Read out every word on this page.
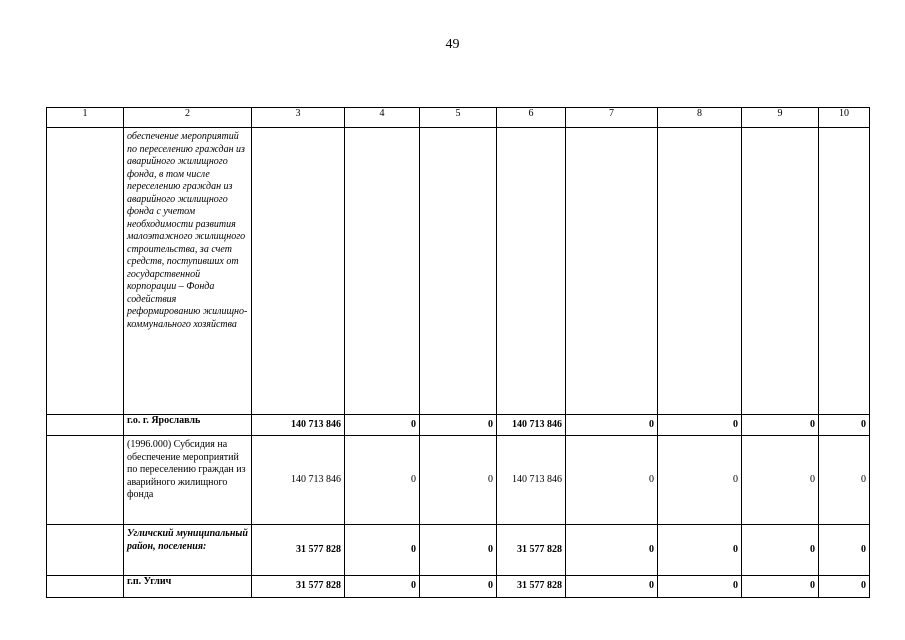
49
1	2	3	4	5	6	7	8	9	10
	обеспечение мероприятий по переселению граждан из аварийного жилищного фонда, в том числе переселению граждан из аварийного жилищного фонда с учетом необходимости развития малоэтажного жилищного строительства, за счет средств, поступивших от государственной корпорации – Фонда содействия реформированию жилищно-коммунального хозяйства								
	г.о. г. Ярославль	140 713 846	0	0	140 713 846	0	0	0	0
	(1996.000) Субсидия на обеспечение мероприятий по переселению граждан из аварийного жилищного фонда	140 713 846	0	0	140 713 846	0	0	0	0
	Угличский муниципальный район, поселения:	31 577 828	0	0	31 577 828	0	0	0	0
	г.п. Углич	31 577 828	0	0	31 577 828	0	0	0	0
